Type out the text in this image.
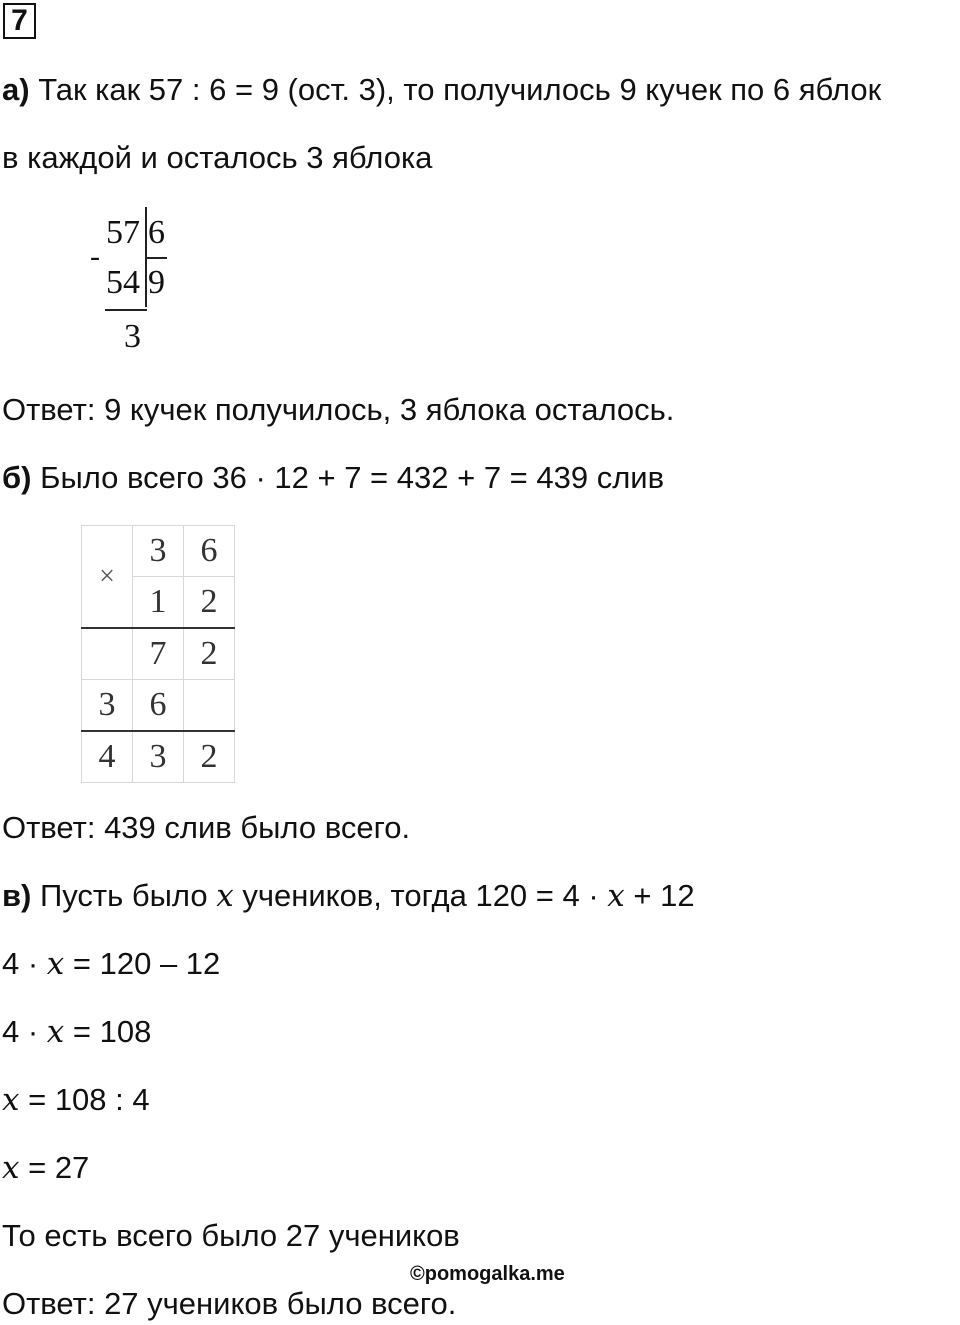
7
а) Так как 57 : 6 = 9 (ост. 3), то получилось 9 кучек по 6 яблок
в каждой и осталось 3 яблока
57 6
-
54 9
3
Ответ: 9 кучек получилось, 3 яблока осталось.
б) Было всего 36 · 12 + 7 = 432 + 7 = 439 слив
×	3	6
	1	2
	7	2
3	6	
4	3	2
Ответ: 439 слив было всего.
в) Пусть было x учеников, тогда 120 = 4 · x + 12
4 · x = 120 – 12
4 · x = 108
x = 108 : 4
x = 27
То есть всего было 27 учеников
©pomogalka.me
Ответ: 27 учеников было всего.
